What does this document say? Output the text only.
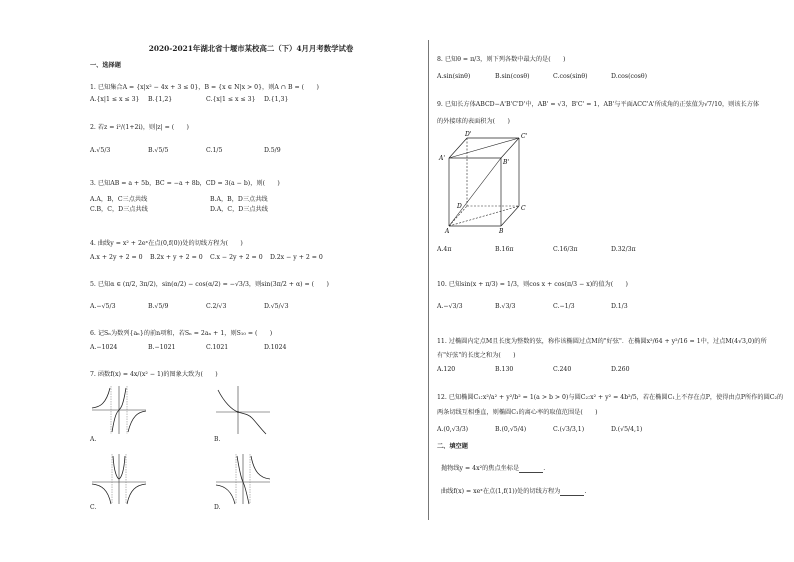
2020-2021年湖北省十堰市某校高二（下）4月月考数学试卷
一、选择题
1. 已知集合A = {x|x² − 4x + 3 ≤ 0}，B = {x ∈ N|x > 0}，则A ∩ B = (　　)
A.{x|1 ≤ x ≤ 3} B.{1,2}	C.{x|1 ≤ x ≤ 3} D.{1,3}
2. 若z = i²/(1+2i)，则|z| = (　　)
A.√5/3	B.√5/5	C.1/5	D.5/9
3. 已知AB = a + 5b，BC = −a + 8b，CD = 3(a − b)，则(　　)
A.A，B，C三点共线	B.A，B，D三点共线
C.B，C，D三点共线	D.A，C，D三点共线
4. 曲线y = x² + 2eˣ在点(0,f(0))处的切线方程为(　　)
A.x + 2y + 2 = 0 B.2x + y + 2 = 0 C.x − 2y + 2 = 0 D.2x − y + 2 = 0
5. 已知α ∈ (π/2, 3π/2)，sin(α/2) − cos(α/2) = −√3/3，则sin(3π/2 + α) = (　　)
A.−√5/3	B.√5/9	C.2/√3	D.√5/√3
6. 记Sₙ为数列{aₙ}的前n项和，若Sₙ = 2aₙ + 1，则S₁₀ = (　　)
A.−1024	B.−1021	C.1021	D.1024
7. 函数f(x) = 4x/(x² − 1)的图象大致为(　　)
A.	B.
C.	D.
8. 已知θ = π/3，则下列各数中最大的是(　　)
A.sin(sinθ)	B.sin(cosθ)	C.cos(sinθ)	D.cos(cosθ)
9. 已知长方体ABCD−A'B'C'D'中，AB' = √3，B'C' = 1，AB'与平面ACC'A'所成角的正弦值为√7/10，则该长方体
的外接球的表面积为(　　)
D'	C'
A'
B'
D	C
A	B
A.4π	B.16π	C.16/3π	D.32/3π
10. 已知sin(x + π/3) = 1/3，则cos x + cos(π/3 − x)的值为(　　)
A.−√3/3	B.√3/3	C.−1/3	D.1/3
11. 过椭圆内定点M且长度为整数的弦，称作该椭圆过点M的"好弦"．在椭圆x²/64 + y²/16 = 1中，过点M(4√3,0)的所
有"好弦"的长度之和为(　　)
A.120	B.130	C.240	D.260
12. 已知椭圆C₁:x²/a² + y²/b² = 1(a > b > 0)与圆C₂:x² + y² = 4b²/5，若在椭圆C₁上不存在点P，使得由点P所作的圆C₂的
两条切线互相垂直，则椭圆C₁的离心率的取值范围是(　　)
A.(0,√3/3)	B.(0,√5/4)	C.(√3/3,1)	D.(√5/4,1)
二、填空题
抛物线y = 4x²的焦点坐标是	.
曲线f(x) = xeˣ在点(1,f(1))处的切线方程为	.
